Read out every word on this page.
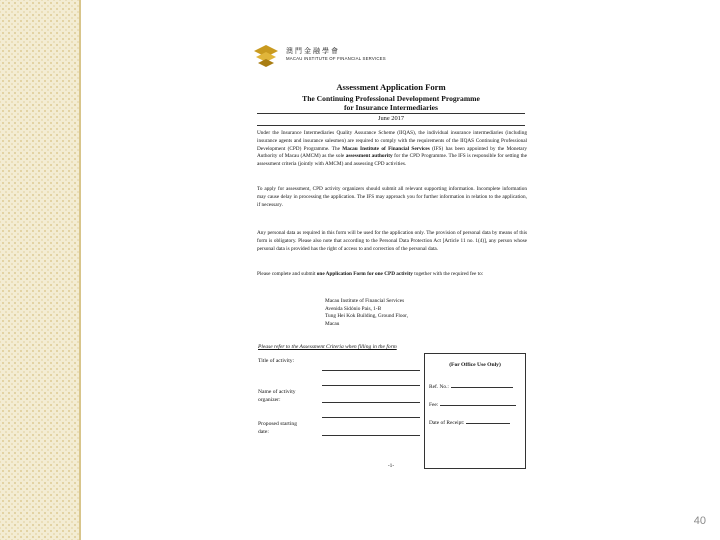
澳門金融學會
MACAU INSTITUTE OF FINANCIAL SERVICES
Assessment Application Form
The Continuing Professional Development Programme
for Insurance Intermediaries
June 2017

Under the Insurance Intermediaries Quality Assurance Scheme (IIQAS), the individual insurance intermediaries (including insurance agents and insurance salesmen) are required to comply with the requirements of the IIQAS Continuing Professional Development (CPD) Programme. The Macau Institute of Financial Services (IFS) has been appointed by the Monetary Authority of Macau (AMCM) as the sole assessment authority for the CPD Programme. The IFS is responsible for setting the assessment criteria (jointly with AMCM) and assessing CPD activities.

To apply for assessment, CPD activity organizers should submit all relevant supporting information. Incomplete information may cause delay in processing the application. The IFS may approach you for further information in relation to the application, if necessary.

Any personal data as required in this form will be used for the application only. The provision of personal data by means of this form is obligatory. Please also note that according to the Personal Data Protection Act [Article 11 no. 1(4)], any person whose personal data is provided has the right of access to and correction of the personal data.

Please complete and submit one Application Form for one CPD activity together with the required fee to:

Macau Institute of Financial Services
Avenida Sidónio Pais, 1-B
Tung Hei Kok Building, Ground Floor,
Macau
Please refer to the Assessment Criteria when filling in the form
Title of activity:
Name of activity
organizer:
Proposed starting
date:
(For Office Use Only)
Ref. No.:
Fee:
Date of Receipt:
-1-
40
